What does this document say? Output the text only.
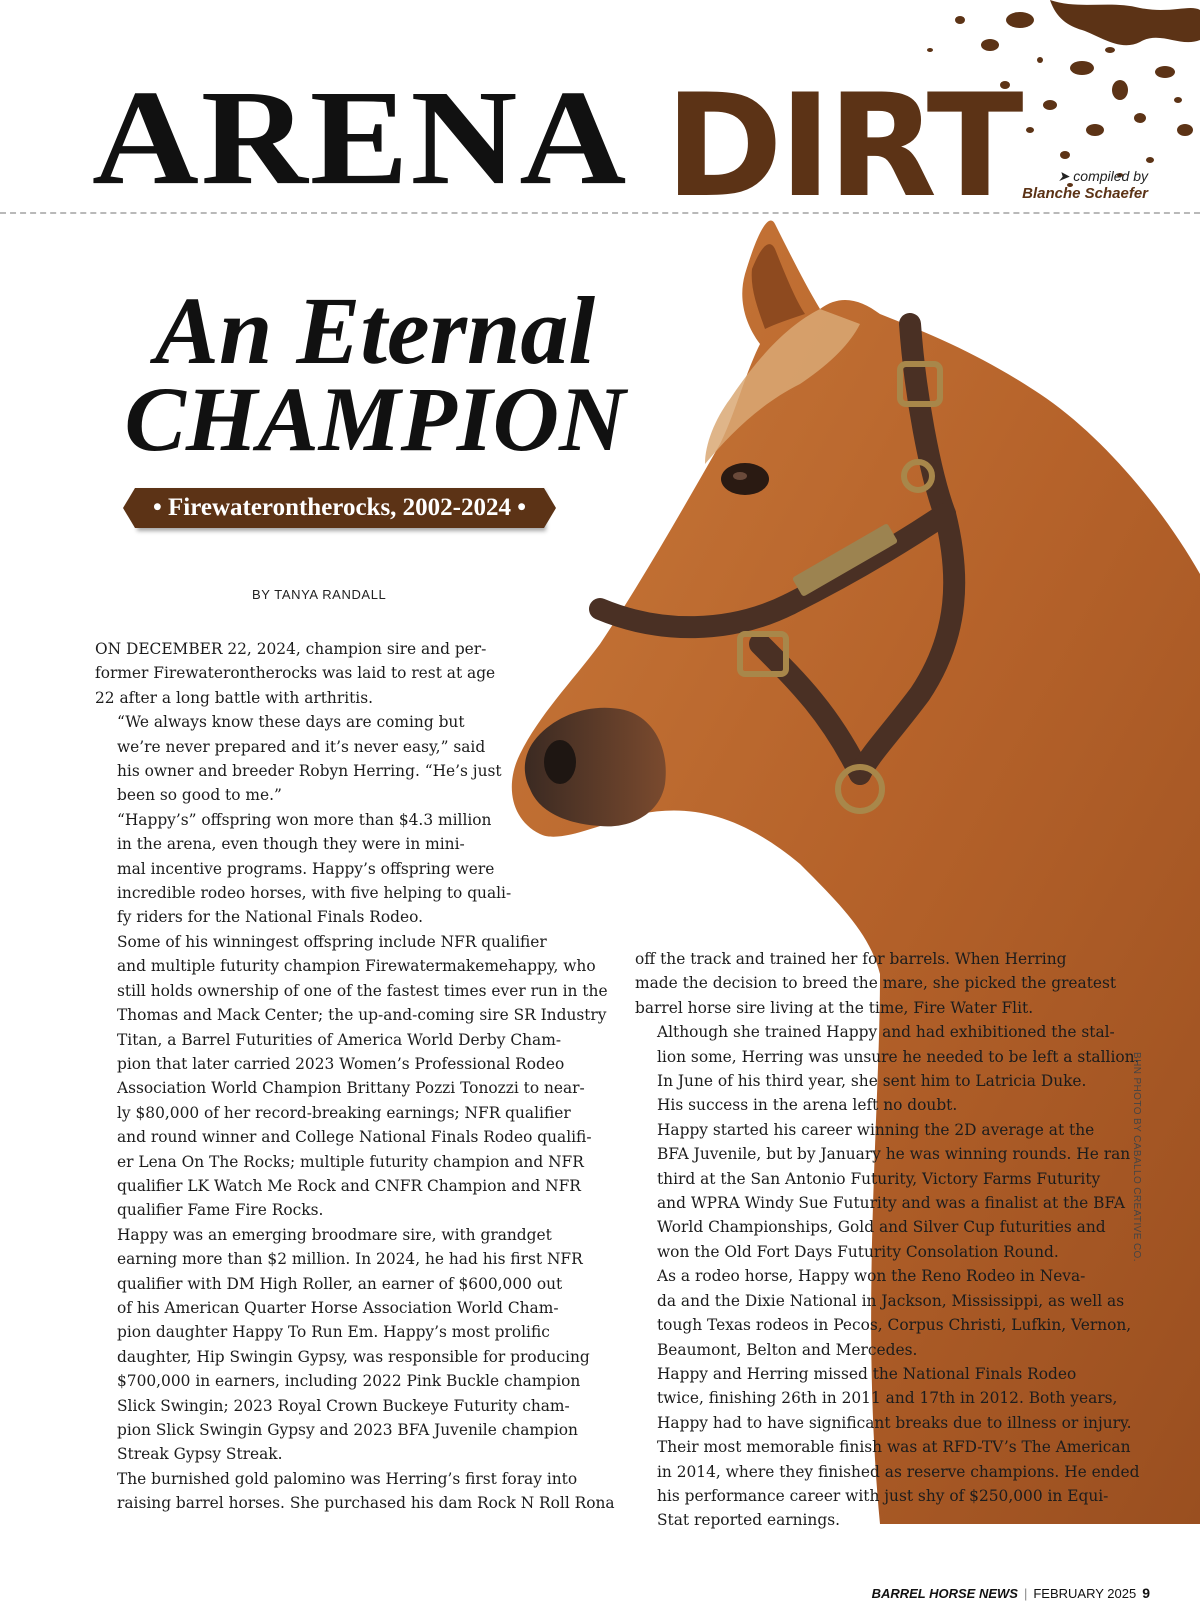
ARENA DIRT	➤ compiled by
Blanche Schaefer
An Eternal
CHAMPION
• Firewaterontherocks, 2002-2024 •
BY TANYA RANDALL

ON DECEMBER 22, 2024, champion sire and per-
former Firewaterontherocks was laid to rest at age
22 after a long battle with arthritis.

“We always know these days are coming but
we’re never prepared and it’s never easy,” said
his owner and breeder Robyn Herring. “He’s just
been so good to me.”

“Happy’s” offspring won more than $4.3 million
in the arena, even though they were in mini-
mal incentive programs. Happy’s offspring were
incredible rodeo horses, with five helping to quali-
fy riders for the National Finals Rodeo.

Some of his winningest offspring include NFR qualifier
and multiple futurity champion Firewatermakemehappy, who
still holds ownership of one of the fastest times ever run in the
Thomas and Mack Center; the up-and-coming sire SR Industry
Titan, a Barrel Futurities of America World Derby Cham-
pion that later carried 2023 Women’s Professional Rodeo
Association World Champion Brittany Pozzi Tonozzi to near-
ly $80,000 of her record-breaking earnings; NFR qualifier
and round winner and College National Finals Rodeo qualifi-
er Lena On The Rocks; multiple futurity champion and NFR
qualifier LK Watch Me Rock and CNFR Champion and NFR
qualifier Fame Fire Rocks.

Happy was an emerging broodmare sire, with grandget
earning more than $2 million. In 2024, he had his first NFR
qualifier with DM High Roller, an earner of $600,000 out
of his American Quarter Horse Association World Cham-
pion daughter Happy To Run Em. Happy’s most prolific
daughter, Hip Swingin Gypsy, was responsible for producing
$700,000 in earners, including 2022 Pink Buckle champion
Slick Swingin; 2023 Royal Crown Buckeye Futurity cham-
pion Slick Swingin Gypsy and 2023 BFA Juvenile champion
Streak Gypsy Streak.

The burnished gold palomino was Herring’s first foray into
raising barrel horses. She purchased his dam Rock N Roll Rona

off the track and trained her for barrels. When Herring
made the decision to breed the mare, she picked the greatest
barrel horse sire living at the time, Fire Water Flit.

Although she trained Happy and had exhibitioned the stal-
lion some, Herring was unsure he needed to be left a stallion.
In June of his third year, she sent him to Latricia Duke.
His success in the arena left no doubt.

Happy started his career winning the 2D average at the
BFA Juvenile, but by January he was winning rounds. He ran
third at the San Antonio Futurity, Victory Farms Futurity
and WPRA Windy Sue Futurity and was a finalist at the BFA
World Championships, Gold and Silver Cup futurities and
won the Old Fort Days Futurity Consolation Round.

As a rodeo horse, Happy won the Reno Rodeo in Neva-
da and the Dixie National in Jackson, Mississippi, as well as
tough Texas rodeos in Pecos, Corpus Christi, Lufkin, Vernon,
Beaumont, Belton and Mercedes.

Happy and Herring missed the National Finals Rodeo
twice, finishing 26th in 2011 and 17th in 2012. Both years,
Happy had to have significant breaks due to illness or injury.
Their most memorable finish was at RFD-TV’s The American
in 2014, where they finished as reserve champions. He ended
his performance career with just shy of $250,000 in Equi-
Stat reported earnings.

BHN PHOTO BY CABALLO CREATIVE CO.
BARREL HORSE NEWS | FEBRUARY 2025 9
